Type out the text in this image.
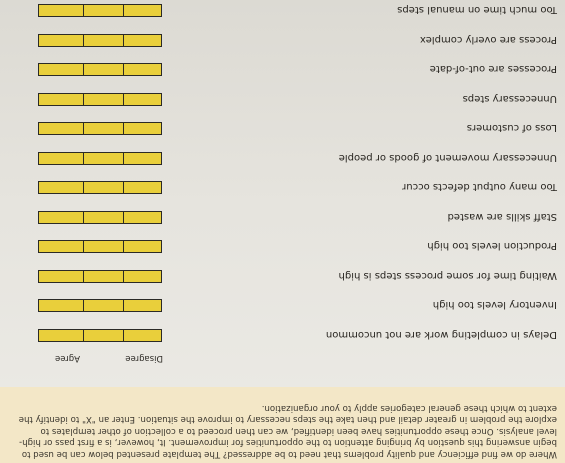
Where do we find efficiency and quality problems that need to be addressed? The template presented below can be used to begin answering this question by bringing attention to the opportunities for improvement. It, however, is a first pass or high-level analysis. Once these opportunities have been identified, we can then proceed to a collection of other templates to explore the problem in greater detail and then take the steps necessary to improve the situation. Enter an "X" to identify the extent to which these general categories apply to your organization.

Disagree
Agree
Delays in completing work are not uncommon
Inventory levels too high
Waiting time for some process steps is high
Production levels too high
Staff skills are wasted
Too many output defects occur
Unnecessary movement of goods or people
Loss of customers
Unnecessary steps
Processes are out-of-date
Process are overly complex
Too much time on manual steps
